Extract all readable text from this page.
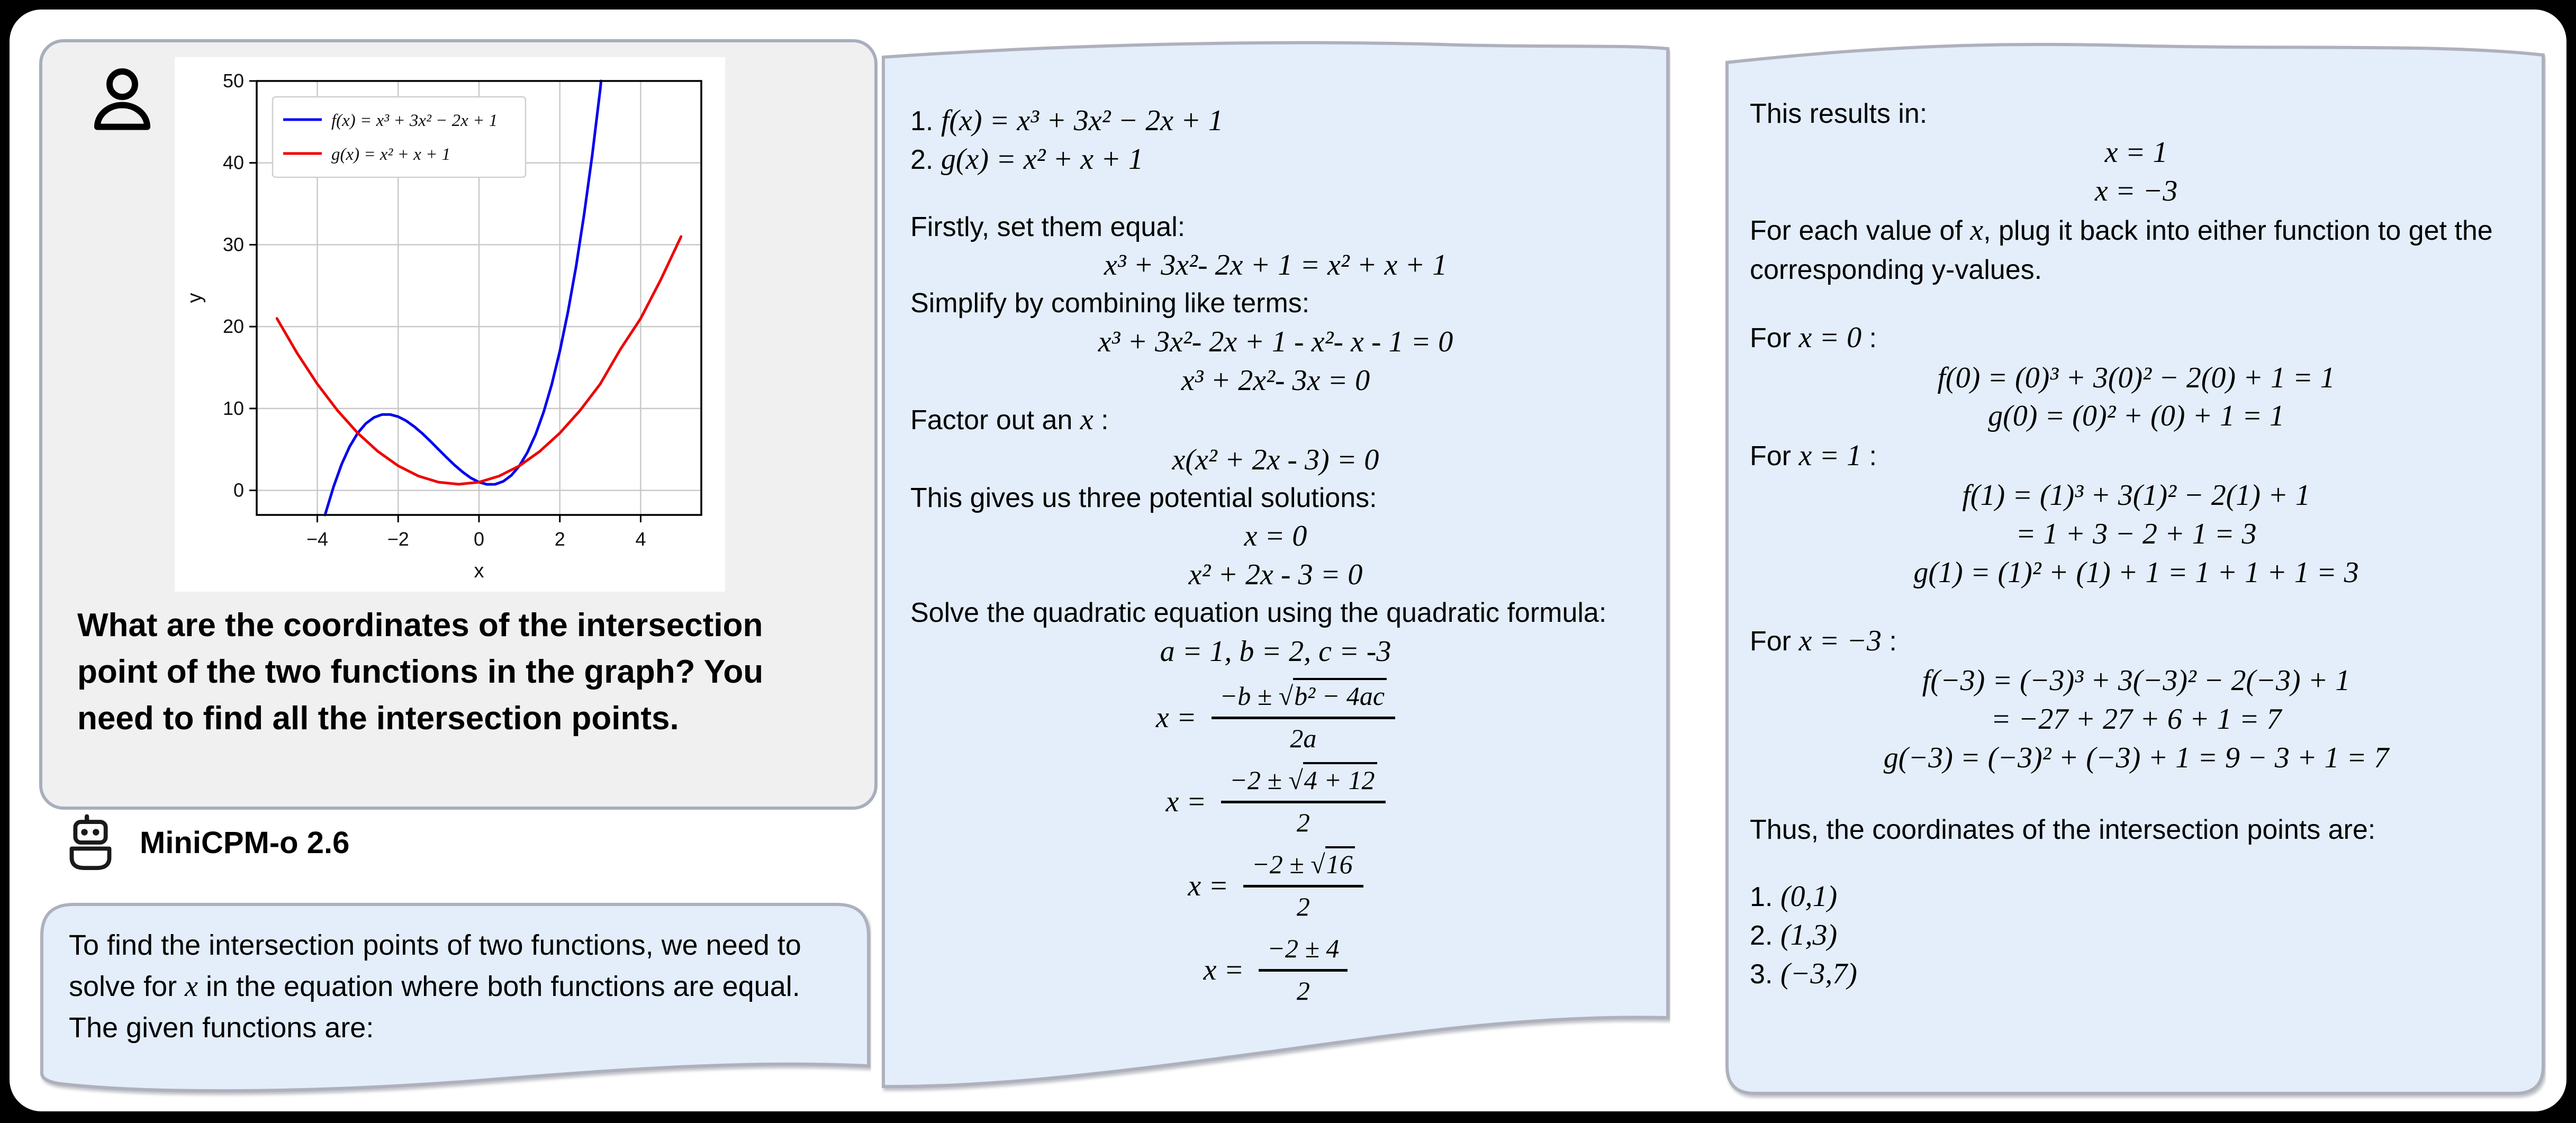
−4	−2	0	2	4
0
10
20
30
40
50
x
y
f(x) = x³ + 3x² − 2x + 1
g(x) = x² + x + 1
What are the coordinates of the intersection point of the two functions in the graph? You need to find all the intersection points.
MiniCPM-o 2.6
To find the intersection points of two functions, we need to solve for x in the equation where both functions are equal. The given functions are:
1. f(x) = x³ + 3x² − 2x + 1
2. g(x) = x² + x + 1
Firstly, set them equal:
x³ + 3x²- 2x + 1 = x² + x + 1
Simplify by combining like terms:
x³ + 3x²- 2x + 1 - x²- x - 1 = 0
x³ + 2x²- 3x = 0
Factor out an x :
x(x² + 2x - 3) = 0
This gives us three potential solutions:
x = 0
x² + 2x - 3 = 0
Solve the quadratic equation using the quadratic formula:
a = 1, b = 2, c = -3
$x = \frac{\text{−b ± √b² − 4ac}}{2a}$
$x = \frac{-2 \pm √4 + 12}{2}$
$x = \frac{-2 \pm √16}{2}$
$x = \frac{-2 \pm 4}{2}$
This results in:
x = 1
x = −3
For each value of x, plug it back into either function to get the corresponding y-values.
For x = 0 :
f(0) = (0)³ + 3(0)² − 2(0) + 1 = 1
g(0) = (0)² + (0) + 1 = 1
For x = 1 :
f(1) = (1)³ + 3(1)² − 2(1) + 1
= 1 + 3 − 2 + 1 = 3
g(1) = (1)² + (1) + 1 = 1 + 1 + 1 = 3
For x = −3 :
f(−3) = (−3)³ + 3(−3)² − 2(−3) + 1
= −27 + 27 + 6 + 1 = 7
g(−3) = (−3)² + (−3) + 1 = 9 − 3 + 1 = 7
Thus, the coordinates of the intersection points are:
1. (0,1)
2. (1,3)
3. (−3,7)
